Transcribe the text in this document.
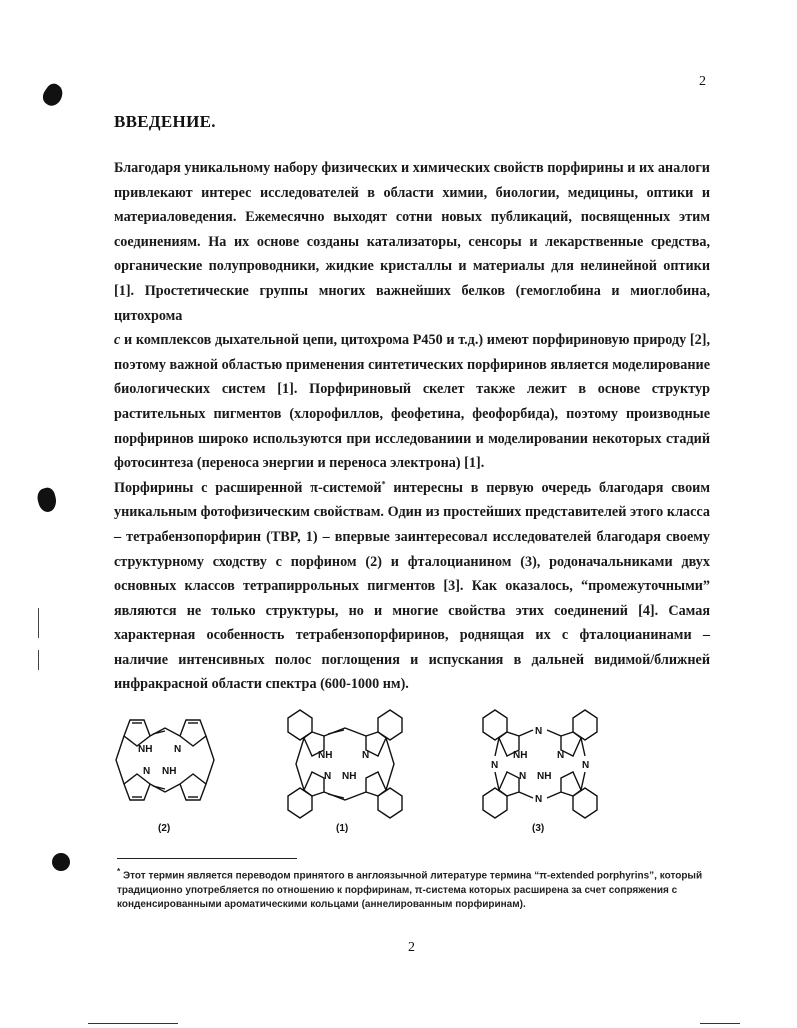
2
ВВЕДЕНИЕ.

Благодаря уникальному набору физических и химических свойств порфирины и их аналоги привлекают интерес исследователей в области химии, биологии, медицины, оптики и материаловедения. Ежемесячно выходят сотни новых публикаций, посвященных этим соединениям. На их основе созданы катализаторы, сенсоры и лекарственные средства, органические полупроводники, жидкие кристаллы и материалы для нелинейной оптики [1]. Простетические группы многих важнейших белков (гемоглобина и миоглобина, цитохрома
c и комплексов дыхательной цепи, цитохрома P450 и т.д.) имеют порфириновую природу [2], поэтому важной областью применения синтетических порфиринов является моделирование биологических систем [1]. Порфириновый скелет также лежит в основе структур растительных пигментов (хлорофиллов, феофетина, феофорбида), поэтому производные порфиринов широко используются при исследованиии и моделировании некоторых стадий фотосинтеза (переноса энергии и переноса электрона) [1].

Порфирины с расширенной π-системой* интересны в первую очередь благодаря своим уникальным фотофизическим свойствам. Один из простейших представителей этого класса – тетрабензопорфирин (TBP, 1) – впервые заинтересовал исследователей благодаря своему структурному сходству с порфином (2) и фталоцианином (3), родоначальниками двух основных классов тетрапиррольных пигментов [3]. Как оказалось, “промежуточными” являются не только структуры, но и многие свойства этих соединений [4]. Самая характерная особенность тетрабензопорфиринов, роднящая их с фталоцианинами – наличие интенсивных полос поглощения и испускания в дальней видимой/ближней инфракрасной области спектра (600-1000 нм).

NH N
N NH
NH	N
N NH
N
N
N	N
NH	N
N NH
(2)	(1)	(3)

* Этот термин является переводом принятого в англоязычной литературе термина “π-extended porphyrins”, который традиционно употребляется по отношению к порфиринам, π-система которых расширена за счет сопряжения с конденсированными ароматическими кольцами (аннелированным порфиринам).

2
